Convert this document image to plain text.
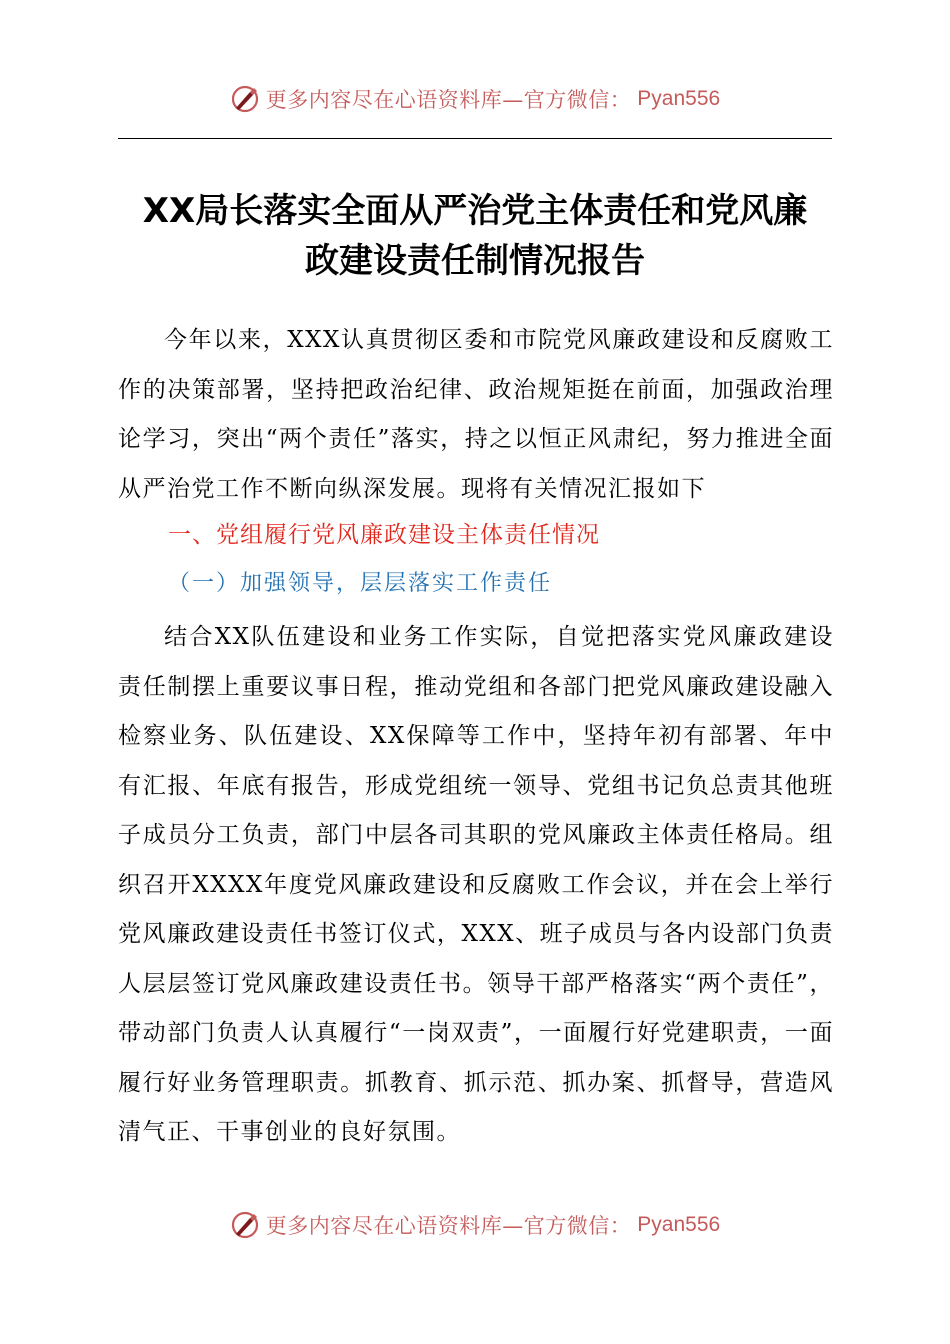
更多内容尽在心语资料库—官方微信： Pyan556
XX局长落实全面从严治党主体责任和党风廉
政建设责任制情况报告
今年以来，XXX认真贯彻区委和市院党风廉政建设和反腐败工作的决策部署，坚持把政治纪律、政治规矩挺在前面，加强政治理论学习，突出“两个责任”落实，持之以恒正风肃纪，努力推进全面从严治党工作不断向纵深发展。现将有关情况汇报如下
一、党组履行党风廉政建设主体责任情况
（一）加强领导，层层落实工作责任
结合XX队伍建设和业务工作实际，自觉把落实党风廉政建设责任制摆上重要议事日程，推动党组和各部门把党风廉政建设融入检察业务、队伍建设、XX保障等工作中，坚持年初有部署、年中有汇报、年底有报告，形成党组统一领导、党组书记负总责其他班子成员分工负责，部门中层各司其职的党风廉政主体责任格局。组织召开XXXX年度党风廉政建设和反腐败工作会议，并在会上举行党风廉政建设责任书签订仪式，XXX、班子成员与各内设部门负责人层层签订党风廉政建设责任书。领导干部严格落实“两个责任”，带动部门负责人认真履行“一岗双责”，一面履行好党建职责，一面履行好业务管理职责。抓教育、抓示范、抓办案、抓督导，营造风清气正、干事创业的良好氛围。
更多内容尽在心语资料库—官方微信： Pyan556
